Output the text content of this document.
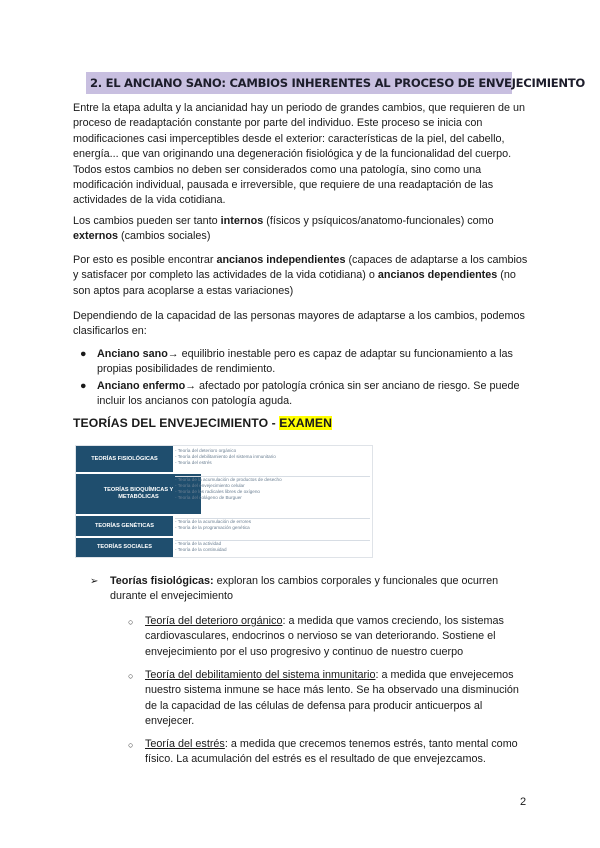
2. EL ANCIANO SANO: CAMBIOS INHERENTES AL PROCESO DE ENVEJECIMIENTO

Entre la etapa adulta y la ancianidad hay un periodo de grandes cambios, que requieren de un proceso de readaptación constante por parte del individuo. Este proceso se inicia con modificaciones casi imperceptibles desde el exterior: características de la piel, del cabello, energía... que van originando una degeneración fisiológica y de la funcionalidad del cuerpo. Todos estos cambios no deben ser considerados como una patología, sino como una modificación individual, pausada e irreversible, que requiere de una readaptación de las actividades de la vida cotidiana.

Los cambios pueden ser tanto internos (físicos y psíquicos/anatomo-funcionales) como externos (cambios sociales)

Por esto es posible encontrar ancianos independientes (capaces de adaptarse a los cambios y satisfacer por completo las actividades de la vida cotidiana) o ancianos dependientes (no son aptos para acoplarse a estas variaciones)

Dependiendo de la capacidad de las personas mayores de adaptarse a los cambios, podemos clasificarlos en:

● Anciano sano→ equilibrio inestable pero es capaz de adaptar su funcionamiento a las propias posibilidades de rendimiento.
● Anciano enfermo→ afectado por patología crónica sin ser anciano de riesgo. Se puede incluir los ancianos con patología aguda.
TEORÍAS DEL ENVEJECIMIENTO - EXAMEN
TEORÍAS FISIOLÓGICAS
- Teoría del deterioro orgánico
- Teoría del debilitamiento del sistema inmunitario
- Teoría del estrés
TEORÍAS BIOQUÍMICAS Y METABÓLICAS
- Teoría de la acumulación de productos de desecho
- Teoría del envejecimiento celular
- Teoría de los radicales libres de oxígeno
- Teoría del colágeno de Burguer
TEORÍAS GENÉTICAS
- Teoría de la acumulación de errores
- Teoría de la programación genética
TEORÍAS SOCIALES
- Teoría de la actividad
- Teoría de la continuidad
➢	Teorías fisiológicas: exploran los cambios corporales y funcionales que ocurren durante el envejecimiento
○	Teoría del deterioro orgánico: a medida que vamos creciendo, los sistemas cardiovasculares, endocrinos o nervioso se van deteriorando. Sostiene el envejecimiento por el uso progresivo y continuo de nuestro cuerpo
○	Teoría del debilitamiento del sistema inmunitario: a medida que envejecemos nuestro sistema inmune se hace más lento. Se ha observado una disminución de la capacidad de las células de defensa para producir anticuerpos al envejecer.
○	Teoría del estrés: a medida que crecemos tenemos estrés, tanto mental como físico. La acumulación del estrés es el resultado de que envejezcamos.
2
